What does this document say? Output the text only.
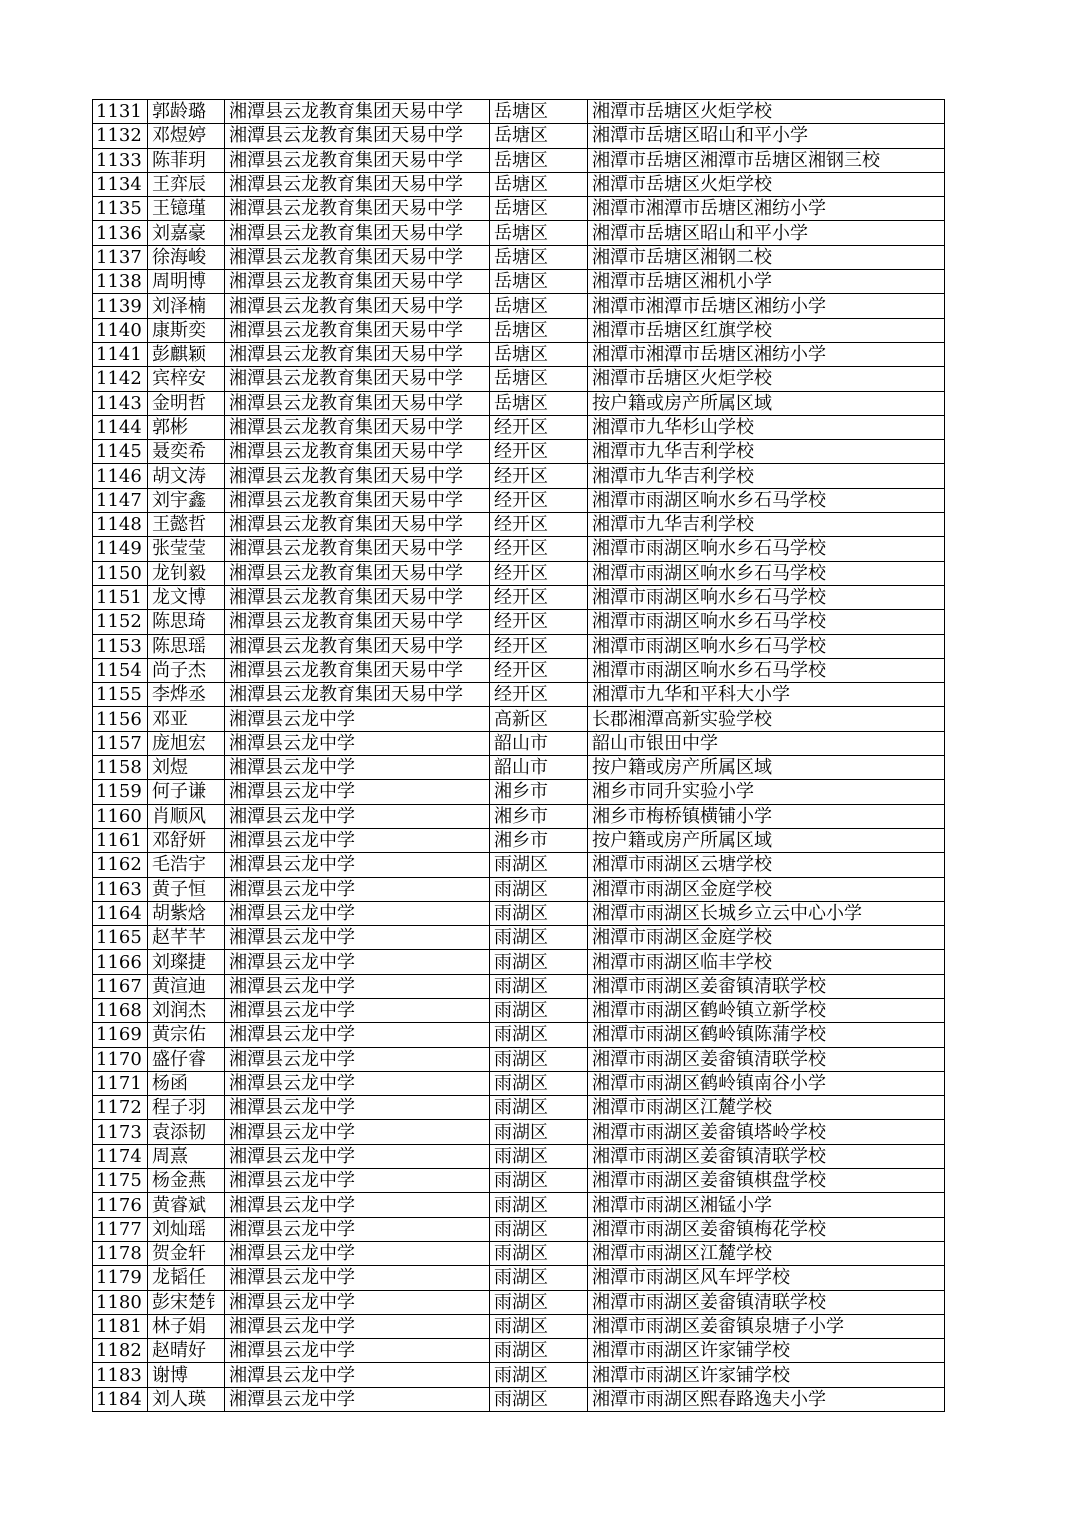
1131	郭龄璐	湘潭县云龙教育集团天易中学	岳塘区	湘潭市岳塘区火炬学校
1132	邓煜婷	湘潭县云龙教育集团天易中学	岳塘区	湘潭市岳塘区昭山和平小学
1133	陈菲玥	湘潭县云龙教育集团天易中学	岳塘区	湘潭市岳塘区湘潭市岳塘区湘钢三校
1134	王弈辰	湘潭县云龙教育集团天易中学	岳塘区	湘潭市岳塘区火炬学校
1135	王镱瑾	湘潭县云龙教育集团天易中学	岳塘区	湘潭市湘潭市岳塘区湘纺小学
1136	刘嘉豪	湘潭县云龙教育集团天易中学	岳塘区	湘潭市岳塘区昭山和平小学
1137	徐海峻	湘潭县云龙教育集团天易中学	岳塘区	湘潭市岳塘区湘钢二校
1138	周明博	湘潭县云龙教育集团天易中学	岳塘区	湘潭市岳塘区湘机小学
1139	刘泽楠	湘潭县云龙教育集团天易中学	岳塘区	湘潭市湘潭市岳塘区湘纺小学
1140	康斯奕	湘潭县云龙教育集团天易中学	岳塘区	湘潭市岳塘区红旗学校
1141	彭麒颖	湘潭县云龙教育集团天易中学	岳塘区	湘潭市湘潭市岳塘区湘纺小学
1142	宾梓安	湘潭县云龙教育集团天易中学	岳塘区	湘潭市岳塘区火炬学校
1143	金明哲	湘潭县云龙教育集团天易中学	岳塘区	按户籍或房产所属区域
1144	郭彬	湘潭县云龙教育集团天易中学	经开区	湘潭市九华杉山学校
1145	聂奕希	湘潭县云龙教育集团天易中学	经开区	湘潭市九华吉利学校
1146	胡文涛	湘潭县云龙教育集团天易中学	经开区	湘潭市九华吉利学校
1147	刘宇鑫	湘潭县云龙教育集团天易中学	经开区	湘潭市雨湖区响水乡石马学校
1148	王懿哲	湘潭县云龙教育集团天易中学	经开区	湘潭市九华吉利学校
1149	张莹莹	湘潭县云龙教育集团天易中学	经开区	湘潭市雨湖区响水乡石马学校
1150	龙钊毅	湘潭县云龙教育集团天易中学	经开区	湘潭市雨湖区响水乡石马学校
1151	龙文博	湘潭县云龙教育集团天易中学	经开区	湘潭市雨湖区响水乡石马学校
1152	陈思琦	湘潭县云龙教育集团天易中学	经开区	湘潭市雨湖区响水乡石马学校
1153	陈思瑶	湘潭县云龙教育集团天易中学	经开区	湘潭市雨湖区响水乡石马学校
1154	尚子杰	湘潭县云龙教育集团天易中学	经开区	湘潭市雨湖区响水乡石马学校
1155	李烨丞	湘潭县云龙教育集团天易中学	经开区	湘潭市九华和平科大小学
1156	邓亚	湘潭县云龙中学	高新区	长郡湘潭高新实验学校
1157	庞旭宏	湘潭县云龙中学	韶山市	韶山市银田中学
1158	刘煜	湘潭县云龙中学	韶山市	按户籍或房产所属区域
1159	何子谦	湘潭县云龙中学	湘乡市	湘乡市同升实验小学
1160	肖顺风	湘潭县云龙中学	湘乡市	湘乡市梅桥镇横铺小学
1161	邓舒妍	湘潭县云龙中学	湘乡市	按户籍或房产所属区域
1162	毛浩宇	湘潭县云龙中学	雨湖区	湘潭市雨湖区云塘学校
1163	黄子恒	湘潭县云龙中学	雨湖区	湘潭市雨湖区金庭学校
1164	胡紫焓	湘潭县云龙中学	雨湖区	湘潭市雨湖区长城乡立云中心小学
1165	赵芊芊	湘潭县云龙中学	雨湖区	湘潭市雨湖区金庭学校
1166	刘璨捷	湘潭县云龙中学	雨湖区	湘潭市雨湖区临丰学校
1167	黄渲迪	湘潭县云龙中学	雨湖区	湘潭市雨湖区姜畲镇清联学校
1168	刘润杰	湘潭县云龙中学	雨湖区	湘潭市雨湖区鹤岭镇立新学校
1169	黄宗佑	湘潭县云龙中学	雨湖区	湘潭市雨湖区鹤岭镇陈蒲学校
1170	盛仔睿	湘潭县云龙中学	雨湖区	湘潭市雨湖区姜畲镇清联学校
1171	杨函	湘潭县云龙中学	雨湖区	湘潭市雨湖区鹤岭镇南谷小学
1172	程子羽	湘潭县云龙中学	雨湖区	湘潭市雨湖区江麓学校
1173	袁添韧	湘潭县云龙中学	雨湖区	湘潭市雨湖区姜畲镇塔岭学校
1174	周熹	湘潭县云龙中学	雨湖区	湘潭市雨湖区姜畲镇清联学校
1175	杨金燕	湘潭县云龙中学	雨湖区	湘潭市雨湖区姜畲镇棋盘学校
1176	黄睿斌	湘潭县云龙中学	雨湖区	湘潭市雨湖区湘锰小学
1177	刘灿瑶	湘潭县云龙中学	雨湖区	湘潭市雨湖区姜畲镇梅花学校
1178	贺金轩	湘潭县云龙中学	雨湖区	湘潭市雨湖区江麓学校
1179	龙韬任	湘潭县云龙中学	雨湖区	湘潭市雨湖区风车坪学校
1180	彭宋楚钅	湘潭县云龙中学	雨湖区	湘潭市雨湖区姜畲镇清联学校
1181	林子娟	湘潭县云龙中学	雨湖区	湘潭市雨湖区姜畲镇泉塘子小学
1182	赵晴好	湘潭县云龙中学	雨湖区	湘潭市雨湖区许家铺学校
1183	谢博	湘潭县云龙中学	雨湖区	湘潭市雨湖区许家铺学校
1184	刘人瑛	湘潭县云龙中学	雨湖区	湘潭市雨湖区熙春路逸夫小学
